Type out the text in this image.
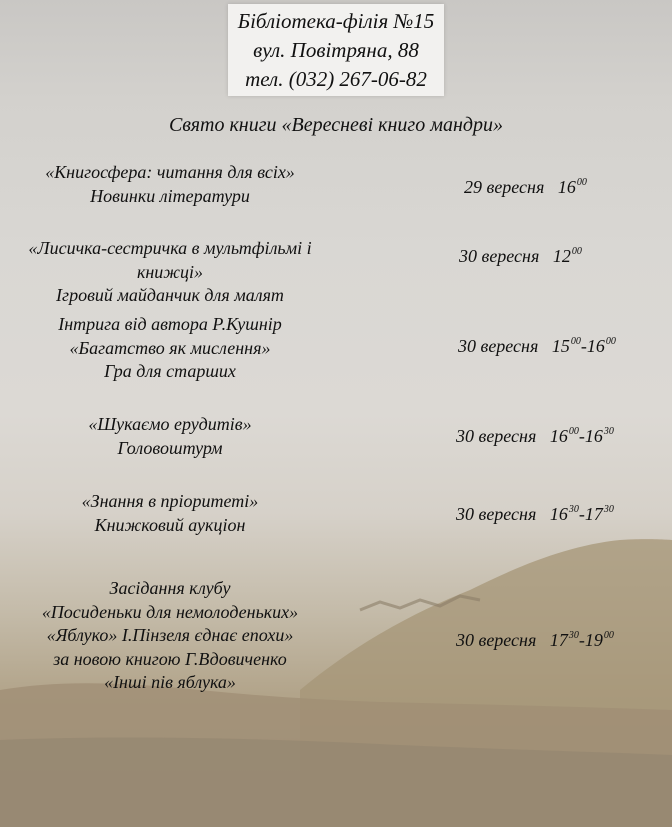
Бібліотека-філія №15
вул. Повітряна, 88
тел. (032) 267-06-82
Свято книги «Вересневі книго мандри»
«Книгосфера: читання для всіх»
Новинки літератури	29 вересня $16^{00}$
«Лисичка-сестричка в мультфільмі і книжці»
Ігровий майданчик для малят
30 вересня $12^{00}$
Інтрига від автора Р.Кушнір
«Багатство як мислення»
Гра для старших
30 вересня $15^{00}-16^{00}$
«Шукаємо ерудитів»
Головоштурм
30 вересня $16^{00}-16^{30}$
«Знання в пріоритеті»
Книжковий аукціон
30 вересня $16^{30}-17^{30}$
Засідання клубу
«Посиденьки для немолоденьких»
«Яблуко» І.Пінзеля єднає епохи»
за новою книгою Г.Вдовиченко
«Інші пів яблука»
30 вересня $17^{30}-19^{00}$
